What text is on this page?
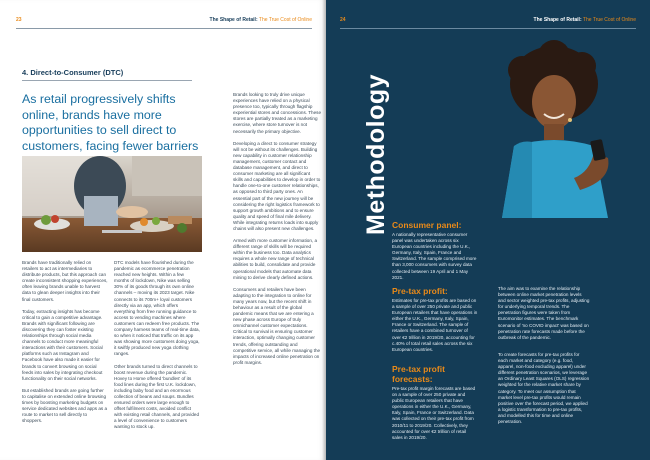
23	The Shape of Retail: The True Cost of Online
4. Direct-to-Consumer (DTC)
As retail progressively shifts online, brands have more opportunities to sell direct to customers, facing fewer barriers

Brands have traditionally relied on retailers to act as intermediaries to distribute products, but this approach can create inconsistent shopping experiences, often leaving brands unable to harvest data to glean deeper insights into their final customers.

Today, extracting insights has become critical to gain a competitive advantage. Brands with significant following are discovering they can foster existing relationships through social media channels to conduct more meaningful interactions with their customers. Social platforms such as Instagram and Facebook have also made it easier for brands to convert browsing on social feeds into sales by integrating checkout functionality on their social networks.

But established brands are going further to capitalise on extended online browsing times by boosting marketing budgets on service dedicated websites and apps as a route to market to sell directly to shoppers.

DTC models have flourished during the pandemic as ecommerce penetration reached new heights. Within a few months of lockdown, Nike was selling 30% of its goods through its own online channels – moving its 2023 target. Nike connects to its 700m+ loyal customers directly via an app, which offers everything from free running guidance to access to vending machines where customers can redeem free products. The company harness teams of real-time data, so when it noticed that traffic on its app was showing more customers doing yoga, it swiftly produced new yoga clothing ranges.

Other brands turned to direct channels to boost revenue during the pandemic. Hovey to Home offered 'bundles' of its food lines during the first U.K. lockdown, including baby food and an enormous collection of beans and soups. Bundles ensured orders were large enough to offset fulfilment costs, avoided conflict with existing retail channels, and provided a level of convenience to customers wanting to stock up.

Brands looking to truly drive unique experiences have relied on a physical presence too, typically through flagship experiential stores and concessions. These stores are partially treated as a marketing exercise, where store turnover is not necessarily the primary objective.

Developing a direct to consumer strategy will not be without its challenges. Building new capability in customer relationship management, customer contact and database management, and direct to consumer marketing are all significant skills and capabilities to develop in order to handle one-to-one customer relationships, as opposed to third party ones. An essential part of the new journey will be considering the right logistics framework to support growth ambitions and to ensure quality and speed of final mile delivery. While integrating returns loads into supply chains will also present new challenges.

Armed with more customer information, a different range of skills will be required within the business too. Data analytics requires a whole new range of technical abilities to build, consolidate and provide operational models that automate data mining to derive clearly defined actions.

Consumers and retailers have been adapting to the integration to online for many years now, but the recent shift in behaviour as a result of the global pandemic means that we are entering a new phase across Europe of truly omnichannel customer expectations. Critical to survival is ensuring customer interaction, optimally changing customer trends, offering outstanding and competitive service, all while managing the impacts of increased online penetration on profit margins.

24	The Shape of Retail: The True Cost of Online
Methodology Consumer panel:

A nationally representative consumer panel was undertaken across six European countries including the U.K., Germany, Italy, Spain, France and Switzerland. The sample comprised more than 3,000 consumers with survey data collected between 19 April and 1 May 2021.

Pre-tax profit:

Estimates for pre-tax profits are based on a sample of over 250 private and public European retailers that have operations in either the U.K., Germany, Italy, Spain, France or Switzerland. The sample of retailers have a combined turnover of over €2 trillion in 2019/20, accounting for c.40% of total retail sales across the six European countries.

Pre-tax profit forecasts:

Pre-tax profit margin forecasts are based on a sample of over 250 private and public European retailers that have operations in either the U.K., Germany, Italy, Spain, France or Switzerland. Data was collected on their pre-tax profit from 2010/11 to 2019/20. Collectively, they accounted for over €2 trillion of retail sales in 2019/20.

The aim was to examine the relationship between online market penetration levels and sector weighted pre-tax profits, adjusting for underlying temporal trends. The penetration figures were taken from Euromonitor estimates. The benchmark scenario of 'no COVID impact' was based on penetration rate forecasts made before the outbreak of the pandemic.

To create forecasts for pre-tax profits for each market and category (e.g. food, apparel, non-food excluding apparel) under different penetration scenarios, we leverage an Ordinary Least Squares (OLS) regression weighted for the relative market share by category. To meet our assumption that market level pre-tax profits would remain positive over the forecast period, we applied a logistic transformation to pre-tax profits, and modelled this for time and online penetration.
